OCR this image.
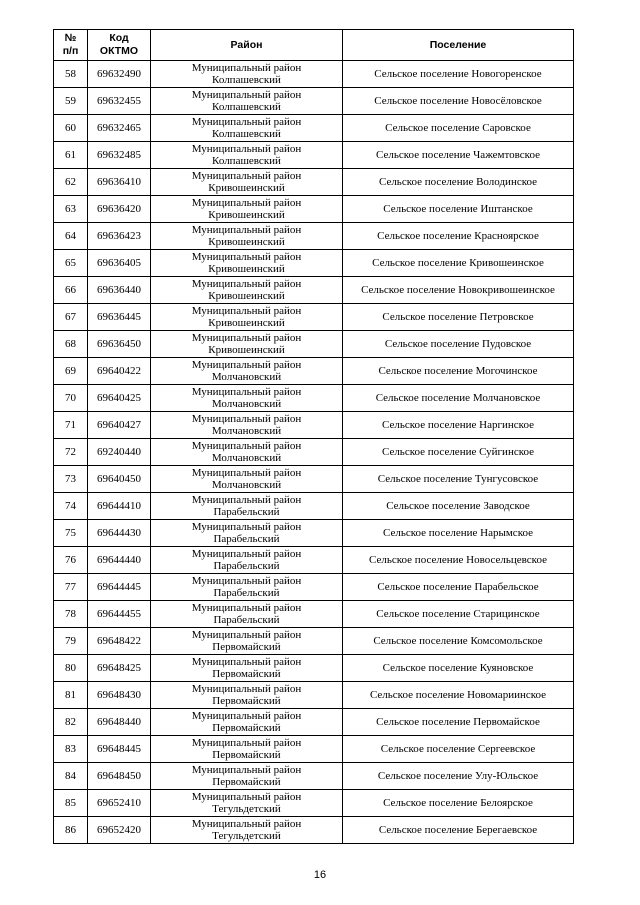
№
п/п	Код
ОКТМО	Район	Поселение
58	69632490	Муниципальный район
Колпашевский	Сельское поселение Новогоренское
59	69632455	Муниципальный район
Колпашевский	Сельское поселение Новосёловское
60	69632465	Муниципальный район
Колпашевский	Сельское поселение Саровское
61	69632485	Муниципальный район
Колпашевский	Сельское поселение Чажемтовское
62	69636410	Муниципальный район
Кривошеинский	Сельское поселение Володинское
63	69636420	Муниципальный район
Кривошеинский	Сельское поселение Иштанское
64	69636423	Муниципальный район
Кривошеинский	Сельское поселение Красноярское
65	69636405	Муниципальный район
Кривошеинский	Сельское поселение Кривошеинское
66	69636440	Муниципальный район
Кривошеинский	Сельское поселение Новокривошеинское
67	69636445	Муниципальный район
Кривошеинский	Сельское поселение Петровское
68	69636450	Муниципальный район
Кривошеинский	Сельское поселение Пудовское
69	69640422	Муниципальный район
Молчановский	Сельское поселение Могочинское
70	69640425	Муниципальный район
Молчановский	Сельское поселение Молчановское
71	69640427	Муниципальный район
Молчановский	Сельское поселение Наргинское
72	69240440	Муниципальный район
Молчановский	Сельское поселение Суйгинское
73	69640450	Муниципальный район
Молчановский	Сельское поселение Тунгусовское
74	69644410	Муниципальный район
Парабельский	Сельское поселение Заводское
75	69644430	Муниципальный район
Парабельский	Сельское поселение Нарымское
76	69644440	Муниципальный район
Парабельский	Сельское поселение Новосельцевское
77	69644445	Муниципальный район
Парабельский	Сельское поселение Парабельское
78	69644455	Муниципальный район
Парабельский	Сельское поселение Старицинское
79	69648422	Муниципальный район
Первомайский	Сельское поселение Комсомольское
80	69648425	Муниципальный район
Первомайский	Сельское поселение Куяновское
81	69648430	Муниципальный район
Первомайский	Сельское поселение Новомариинское
82	69648440	Муниципальный район
Первомайский	Сельское поселение Первомайское
83	69648445	Муниципальный район
Первомайский	Сельское поселение Сергеевское
84	69648450	Муниципальный район
Первомайский	Сельское поселение Улу-Юльское
85	69652410	Муниципальный район
Тегульдетский	Сельское поселение Белоярское
86	69652420	Муниципальный район
Тегульдетский	Сельское поселение Берегаевское
16
